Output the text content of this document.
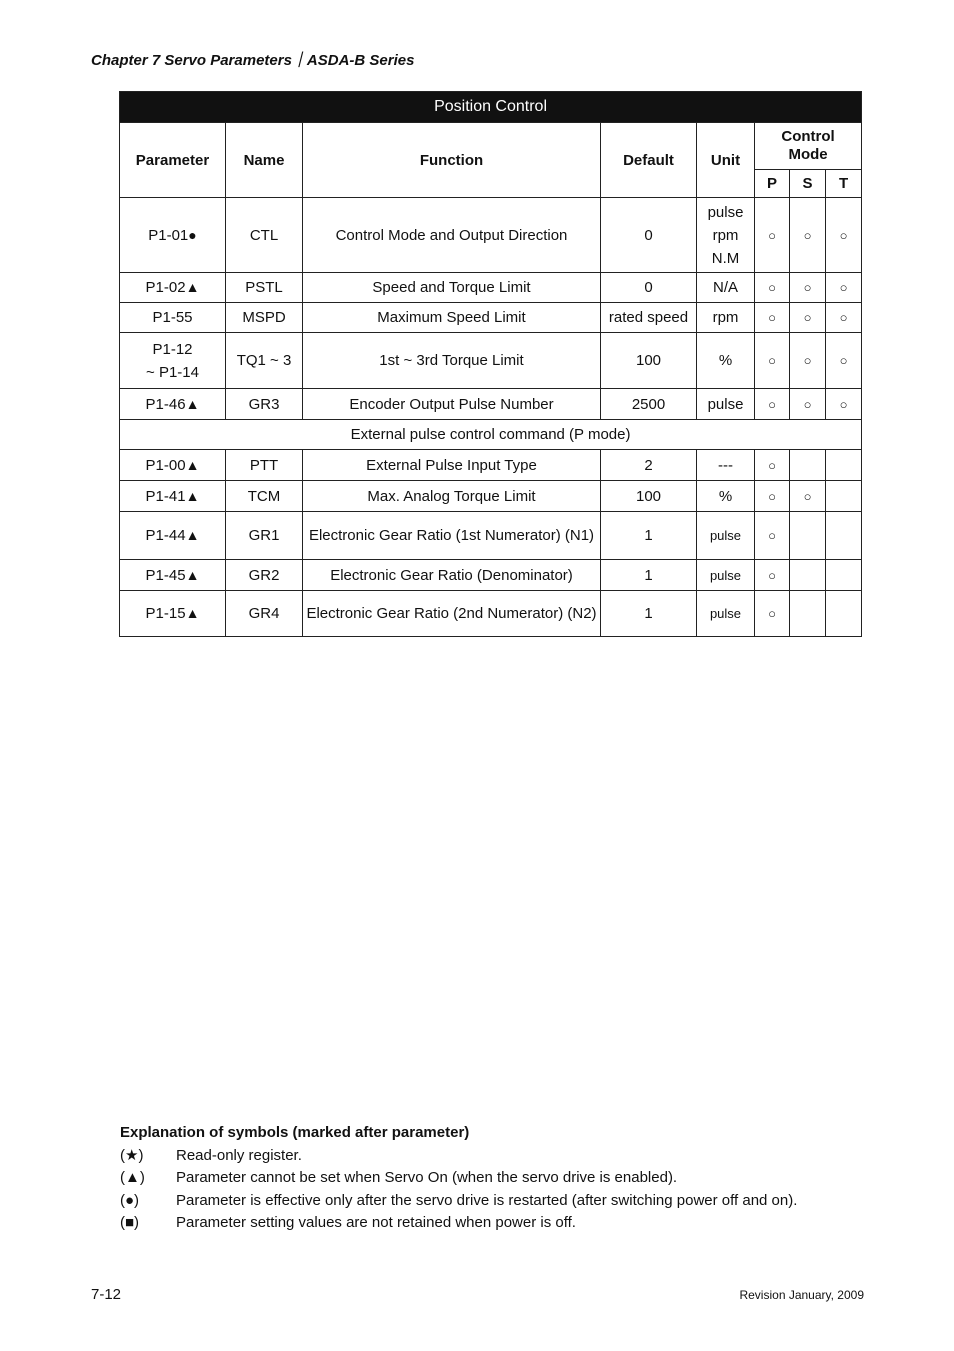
Chapter 7 Servo Parameters｜ASDA-B Series
Position Control							
Parameter	Name	Function	Default	Unit	Control
Mode		
					P	S	T
P1-01●	CTL	Control Mode and Output Direction	0	pulse
rpm
N.M	○	○	○
P1-02▲	PSTL	Speed and Torque Limit	0	N/A	○	○	○
P1-55	MSPD	Maximum Speed Limit	rated speed	rpm	○	○	○

P1-12
~ P1-14	TQ1 ~ 3	1st ~ 3rd Torque Limit	100	%	○	○	○
P1-46▲	GR3	Encoder Output Pulse Number	2500	pulse	○	○	○
External pulse control command (P mode)							
P1-00▲	PTT	External Pulse Input Type	2	---	○		
P1-41▲	TCM	Max. Analog Torque Limit	100	%	○	○	
P1-44▲	GR1	Electronic Gear Ratio (1st Numerator) (N1)	1	pulse	○		
P1-45▲	GR2	Electronic Gear Ratio (Denominator)	1	pulse	○		
P1-15▲	GR4	Electronic Gear Ratio (2nd Numerator) (N2)	1	pulse	○		
Explanation of symbols (marked after parameter)
(★)	Read-only register.
(▲)	Parameter cannot be set when Servo On (when the servo drive is enabled).
(●)	Parameter is effective only after the servo drive is restarted (after switching power off and on).
(■)	Parameter setting values are not retained when power is off.
7-12	Revision January, 2009
